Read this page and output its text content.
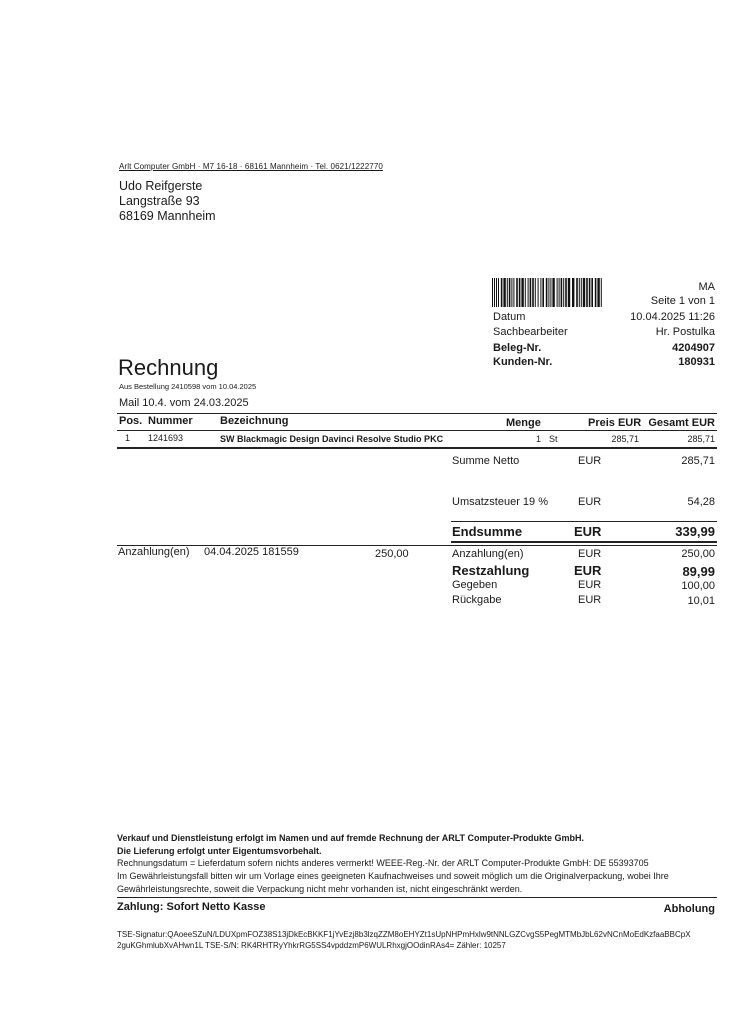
Arlt Computer GmbH · M7 16-18 · 68161 Mannheim · Tel. 0621/1222770
Udo Reifgerste
Langstraße 93
68169 Mannheim
MA
Seite 1 von 1
Datum	10.04.2025 11:26
Sachbearbeiter	Hr. Postulka
Beleg-Nr.	4204907
Kunden-Nr.	180931
Rechnung
Aus Bestellung 2410598 vom 10.04.2025
Mail 10.4. vom 24.03.2025
Pos. Nummer Bezeichnung	Menge	Preis EUR Gesamt EUR
1 1241693	SW Blackmagic Design Davinci Resolve Studio PKC	1 St	285,71	285,71
Summe Netto	EUR	285,71
Umsatzsteuer 19 %	EUR	54,28
Endsumme	EUR	339,99
Anzahlung(en) 04.04.2025 181559	250,00	Anzahlung(en)	EUR	250,00
Restzahlung	EUR	89,99
Gegeben	EUR	100,00
Rückgabe	EUR	10,01
Verkauf und Dienstleistung erfolgt im Namen und auf fremde Rechnung der ARLT Computer-Produkte GmbH.
Die Lieferung erfolgt unter Eigentumsvorbehalt.
Rechnungsdatum = Lieferdatum sofern nichts anderes vermerkt! WEEE-Reg.-Nr. der ARLT Computer-Produkte GmbH: DE 55393705
Im Gewährleistungsfall bitten wir um Vorlage eines geeigneten Kaufnachweises und soweit möglich um die Originalverpackung, wobei Ihre
Gewährleistungsrechte, soweit die Verpackung nicht mehr vorhanden ist, nicht eingeschränkt werden.
Zahlung: Sofort Netto Kasse	Abholung
TSE-Signatur:QAoeeSZuN/LDUXpmFOZ38S13jDkEcBKKF1jYvEzj8b3lzqZZM8oEHYZt1sUpNHPmHxlw9tNNLGZCvgS5PegMTMbJbL62vNCnMoEdKzfaaBBCpX
2guKGhmlubXvAHwn1L TSE-S/N: RK4RHTRyYhkrRG5SS4vpddzmP6WULRhxgjOOdinRAs4= Zähler: 10257
